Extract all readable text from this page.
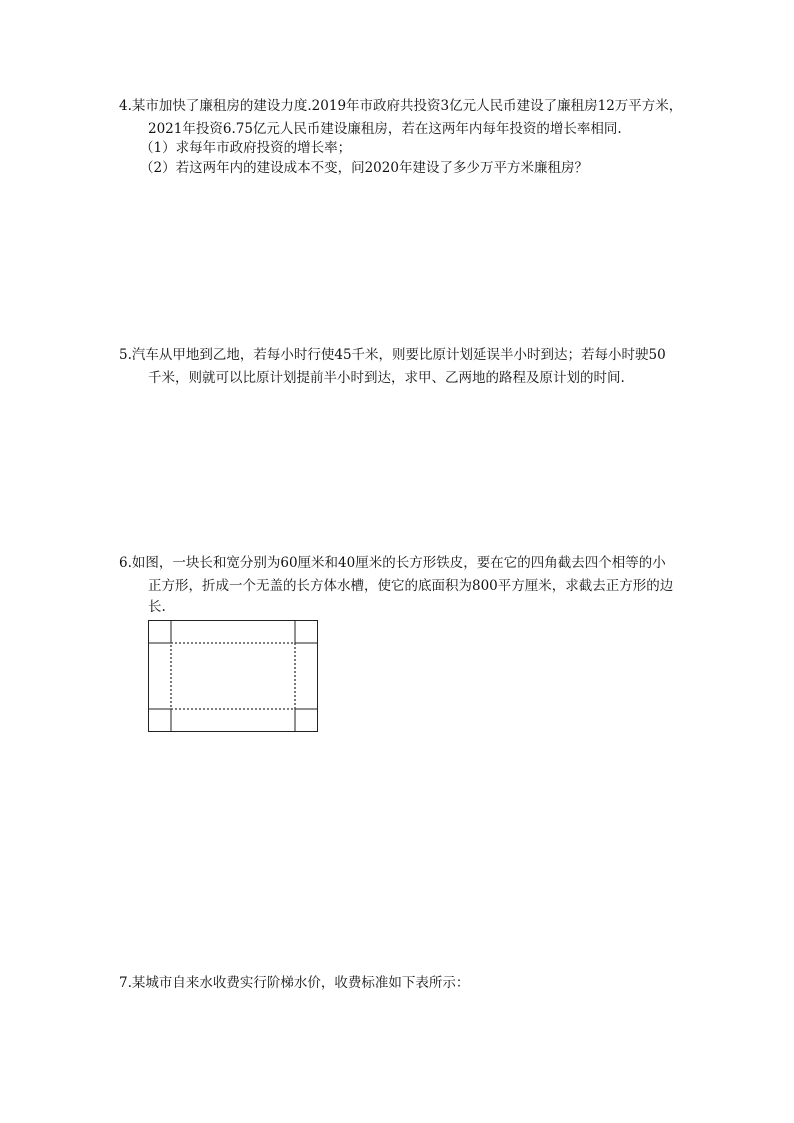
4.某市加快了廉租房的建设力度.2019年市政府共投资3亿元人民币建设了廉租房12万平方米，
2021年投资6.75亿元人民币建设廉租房，若在这两年内每年投资的增长率相同.
（1）求每年市政府投资的增长率；
（2）若这两年内的建设成本不变，问2020年建设了多少万平方米廉租房？
5.汽车从甲地到乙地，若每小时行使45千米，则要比原计划延误半小时到达；若每小时驶50
千米，则就可以比原计划提前半小时到达，求甲、乙两地的路程及原计划的时间.
6.如图，一块长和宽分别为60厘米和40厘米的长方形铁皮，要在它的四角截去四个相等的小
正方形，折成一个无盖的长方体水槽，使它的底面积为800平方厘米，求截去正方形的边
长.
7.某城市自来水收费实行阶梯水价，收费标准如下表所示：
